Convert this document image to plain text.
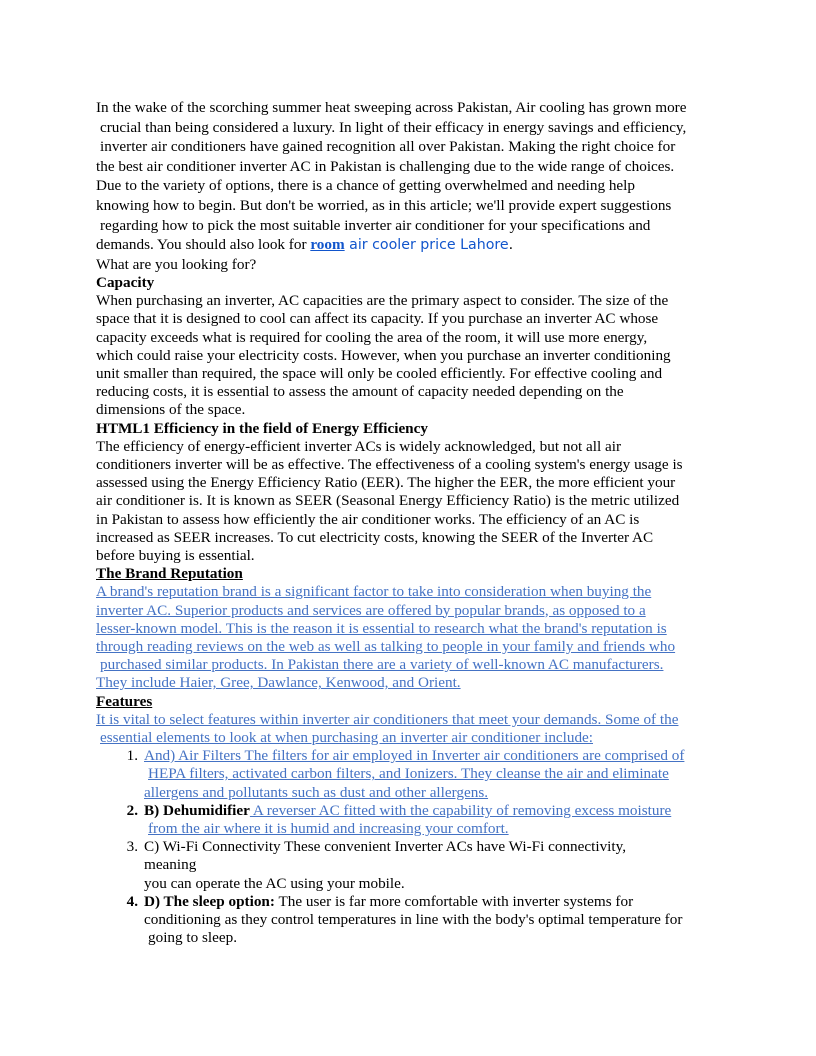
In the wake of the scorching summer heat sweeping across Pakistan, Air cooling has grown more
crucial than being considered a luxury. In light of their efficacy in energy savings and efficiency,
inverter air conditioners have gained recognition all over Pakistan. Making the right choice for
the best air conditioner inverter AC in Pakistan is challenging due to the wide range of choices.
Due to the variety of options, there is a chance of getting overwhelmed and needing help
knowing how to begin. But don't be worried, as in this article; we'll provide expert suggestions
regarding how to pick the most suitable inverter air conditioner for your specifications and
demands. You should also look for room air cooler price Lahore.
What are you looking for?
Capacity
When purchasing an inverter, AC capacities are the primary aspect to consider. The size of the
space that it is designed to cool can affect its capacity. If you purchase an inverter AC whose
capacity exceeds what is required for cooling the area of the room, it will use more energy,
which could raise your electricity costs. However, when you purchase an inverter conditioning
unit smaller than required, the space will only be cooled efficiently. For effective cooling and
reducing costs, it is essential to assess the amount of capacity needed depending on the
dimensions of the space.
HTML1 Efficiency in the field of Energy Efficiency
The efficiency of energy-efficient inverter ACs is widely acknowledged, but not all air
conditioners inverter will be as effective. The effectiveness of a cooling system's energy usage is
assessed using the Energy Efficiency Ratio (EER). The higher the EER, the more efficient your
air conditioner is. It is known as SEER (Seasonal Energy Efficiency Ratio) is the metric utilized
in Pakistan to assess how efficiently the air conditioner works. The efficiency of an AC is
increased as SEER increases. To cut electricity costs, knowing the SEER of the Inverter AC
before buying is essential.
The Brand Reputation
A brand's reputation brand is a significant factor to take into consideration when buying the
inverter AC. Superior products and services are offered by popular brands, as opposed to a
lesser-known model. This is the reason it is essential to research what the brand's reputation is
through reading reviews on the web as well as talking to people in your family and friends who
purchased similar products. In Pakistan there are a variety of well-known AC manufacturers.
They include Haier, Gree, Dawlance, Kenwood, and Orient.
Features
It is vital to select features within inverter air conditioners that meet your demands. Some of the
essential elements to look at when purchasing an inverter air conditioner include:
1. And) Air Filters The filters for air employed in Inverter air conditioners are comprised of
HEPA filters, activated carbon filters, and Ionizers. They cleanse the air and eliminate
allergens and pollutants such as dust and other allergens.
2. B) Dehumidifier A reverser AC fitted with the capability of removing excess moisture
from the air where it is humid and increasing your comfort.
3. C) Wi-Fi Connectivity These convenient Inverter ACs have Wi-Fi connectivity,
meaning
you can operate the AC using your mobile.
4. D) The sleep option: The user is far more comfortable with inverter systems for
conditioning as they control temperatures in line with the body's optimal temperature for
going to sleep.
